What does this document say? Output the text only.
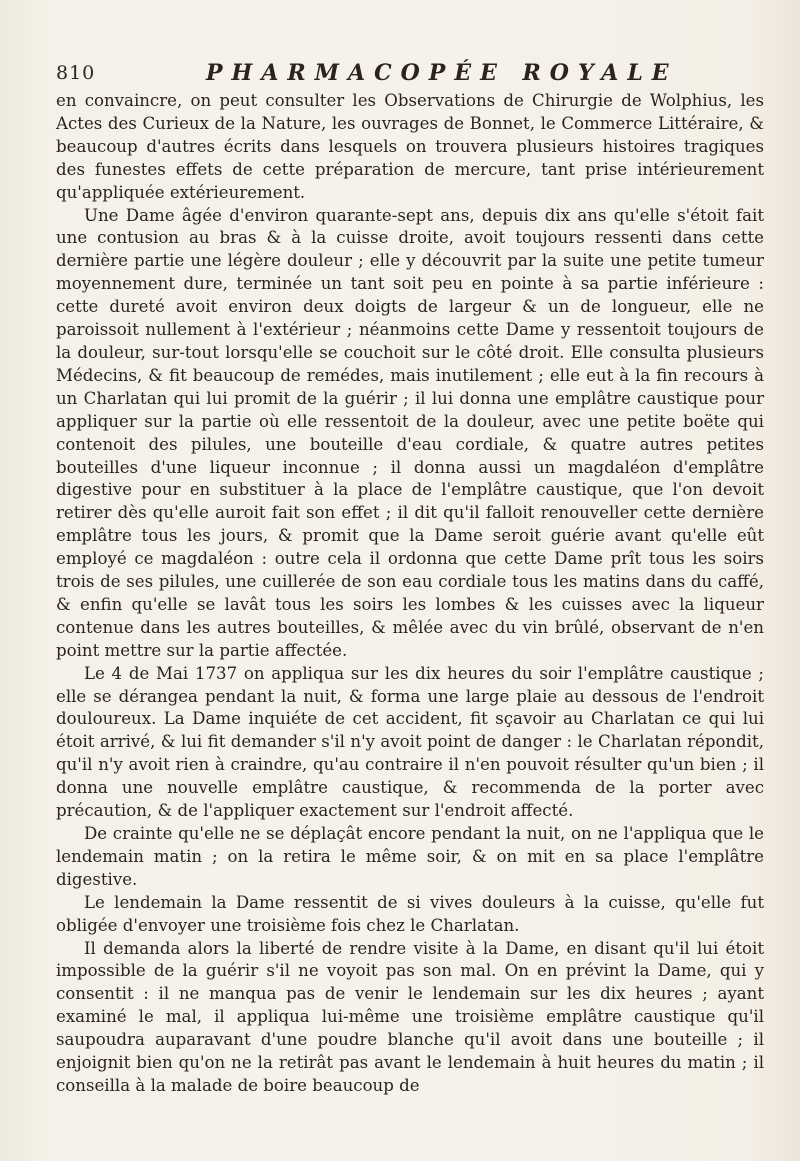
810	PHARMACOPÉE ROYALE

en convaincre, on peut consulter les Observations de Chirurgie de Wolphius, les Actes des Curieux de la Nature, les ouvrages de Bonnet, le Commerce Littéraire, & beaucoup d'autres écrits dans lesquels on trouvera plusieurs histoires tragiques des funestes effets de cette préparation de mercure, tant prise intérieurement qu'appliquée extérieurement.

Une Dame âgée d'environ quarante-sept ans, depuis dix ans qu'elle s'étoit fait une contusion au bras & à la cuisse droite, avoit toujours ressenti dans cette dernière partie une légère douleur ; elle y découvrit par la suite une petite tumeur moyennement dure, terminée un tant soit peu en pointe à sa partie inférieure : cette dureté avoit environ deux doigts de largeur & un de longueur, elle ne paroissoit nullement à l'extérieur ; néanmoins cette Dame y ressentoit toujours de la douleur, sur-tout lorsqu'elle se couchoit sur le côté droit. Elle consulta plusieurs Médecins, & fit beaucoup de remédes, mais inutilement ; elle eut à la fin recours à un Charlatan qui lui promit de la guérir ; il lui donna une emplâtre caustique pour appliquer sur la partie où elle ressentoit de la douleur, avec une petite boëte qui contenoit des pilules, une bouteille d'eau cordiale, & quatre autres petites bouteilles d'une liqueur inconnue ; il donna aussi un magdaléon d'emplâtre digestive pour en substituer à la place de l'emplâtre caustique, que l'on devoit retirer dès qu'elle auroit fait son effet ; il dit qu'il falloit renouveller cette dernière emplâtre tous les jours, & promit que la Dame seroit guérie avant qu'elle eût employé ce magdaléon : outre cela il ordonna que cette Dame prît tous les soirs trois de ses pilules, une cuillerée de son eau cordiale tous les matins dans du caffé, & enfin qu'elle se lavât tous les soirs les lombes & les cuisses avec la liqueur contenue dans les autres bouteilles, & mêlée avec du vin brûlé, observant de n'en point mettre sur la partie affectée.

Le 4 de Mai 1737 on appliqua sur les dix heures du soir l'emplâtre caustique ; elle se dérangea pendant la nuit, & forma une large plaie au dessous de l'endroit douloureux. La Dame inquiéte de cet accident, fit sçavoir au Charlatan ce qui lui étoit arrivé, & lui fit demander s'il n'y avoit point de danger : le Charlatan répondit, qu'il n'y avoit rien à craindre, qu'au contraire il n'en pouvoit résulter qu'un bien ; il donna une nouvelle emplâtre caustique, & recommenda de la porter avec précaution, & de l'appliquer exactement sur l'endroit affecté.

De crainte qu'elle ne se déplaçât encore pendant la nuit, on ne l'appliqua que le lendemain matin ; on la retira le même soir, & on mit en sa place l'emplâtre digestive.

Le lendemain la Dame ressentit de si vives douleurs à la cuisse, qu'elle fut obligée d'envoyer une troisième fois chez le Charlatan.

Il demanda alors la liberté de rendre visite à la Dame, en disant qu'il lui étoit impossible de la guérir s'il ne voyoit pas son mal. On en prévint la Dame, qui y consentit : il ne manqua pas de venir le lendemain sur les dix heures ; ayant examiné le mal, il appliqua lui-même une troisième emplâtre caustique qu'il saupoudra auparavant d'une poudre blanche qu'il avoit dans une bouteille ; il enjoignit bien qu'on ne la retirât pas avant le lendemain à huit heures du matin ; il conseilla à la malade de boire beaucoup de
